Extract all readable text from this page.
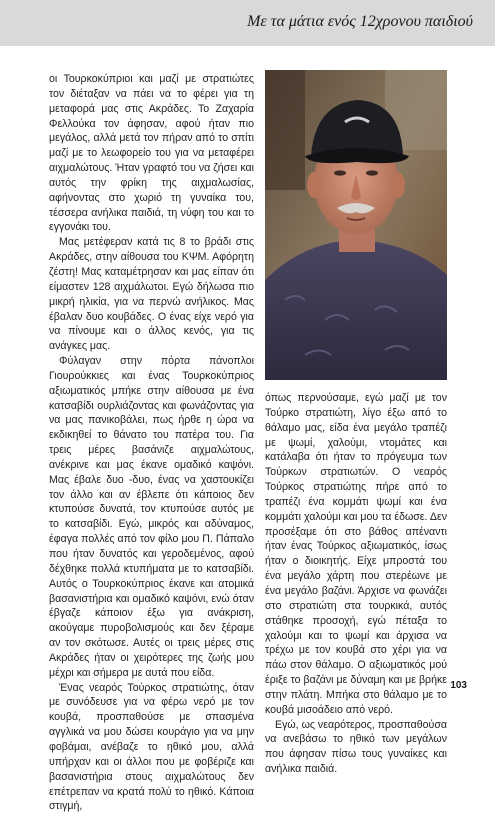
Με τα μάτια ενός 12χρονου παιδιού

οι Τουρκοκύπριοι και μαζί με στρατιώτες τον διέταξαν να πάει να το φέρει για τη μεταφορά μας στις Ακράδες. Το Ζαχαρία Φελλούκα τον άφησαν, αφού ήταν πιο μεγάλος, αλλά μετά τον πήραν από το σπίτι μαζί με το λεωφορείο του για να μεταφέρει αιχμαλώτους. Ήταν γραφτό του να ζήσει και αυτός την φρίκη της αιχμαλωσίας, αφήνοντας στο χωριό τη γυναίκα του, τέσσερα ανήλικα παιδιά, τη νύφη του και το εγγονάκι του.

Μας μετέφεραν κατά τις 8 το βράδι στις Ακράδες, στην αίθουσα του ΚΨΜ. Αφόρητη ζέστη! Μας καταμέτρησαν και μας είπαν ότι είμαστεν 128 αιχμάλωτοι. Εγώ δήλωσα πιο μικρή ηλικία, για να περνώ ανήλικος. Μας έβαλαν δυο κουβάδες. Ο ένας είχε νερό για να πίνουμε και ο άλλος κενός, για τις ανάγκες μας.

Φύλαγαν στην πόρτα πάνοπλοι Γιουρούκκιες και ένας Τουρκοκύπριος αξιωματικός μπήκε στην αίθουσα με ένα κατσαβίδι ουρλιάζοντας και φωνάζοντας για να μας πανικοβάλει, πως ήρθε η ώρα να εκδικηθεί το θάνατο του πατέρα του. Για τρεις μέρες βασάνιζε αιχμαλώτους, ανέκρινε και μας έκανε ομαδικό καψόνι. Μας έβαλε δυο -δυο, ένας να χαστουκίζει τον άλλο και αν έβλεπε ότι κάποιος δεν κτυπούσε δυνατά, τον κτυπούσε αυτός με το κατσαβίδι. Εγώ, μικρός και αδύναμος, έφαγα πολλές από τον φίλο μου Π. Πάπαλο που ήταν δυνατός και γεροδεμένος, αφού δέχθηκε πολλά κτυπήματα με το κατσαβίδι. Αυτός ο Τουρκοκύπριος έκανε και ατομικά βασανιστήρια και ομαδικό καψόνι, ενώ όταν έβγαζε κάποιον έξω για ανάκριση, ακούγαμε πυροβολισμούς και δεν ξέραμε αν τον σκότωσε. Αυτές οι τρεις μέρες στις Ακράδες ήταν οι χειρότερες της ζωής μου μέχρι και σήμερα με αυτά που είδα.

Ένας νεαρός Τούρκος στρατιώτης, όταν με συνόδευσε για να φέρω νερό με τον κουβά, προσπαθούσε με σπασμένα αγγλικά να μου δώσει κουράγιο για να μην φοβάμαι, ανέβαζε το ηθικό μου, αλλά υπήρχαν και οι άλλοι που με φοβέριζε και βασανιστήρια στους αιχμαλώτους δεν επέτρεπαν να κρατά πολύ το ηθικό. Κάποια στιγμή,

όπως περνούσαμε, εγώ μαζί με τον Τούρκο στρατιώτη, λίγο έξω από το θάλαμο μας, είδα ένα μεγάλο τραπέζι με ψωμί, χαλούμι, ντομάτες και κατάλαβα ότι ήταν το πρόγευμα των Τούρκων στρατιωτών. Ο νεαρός Τούρκος στρατιώτης πήρε από το τραπέζι ένα κομμάτι ψωμί και ένα κομμάτι χαλούμι και μου τα έδωσε. Δεν προσέξαμε ότι στο βάθος απέναντι ήταν ένας Τούρκος αξιωματικός, ίσως ήταν ο διοικητής. Είχε μπροστά του ένα μεγάλο χάρτη που στερέωνε με ένα μεγάλο βαζάνι. Άρχισε να φωνάζει στο στρατιώτη στα τουρκικά, αυτός στάθηκε προσοχή, εγώ πέταξα το χαλούμι και το ψωμί και άρχισα να τρέχω με τον κουβά στο χέρι για να πάω στον θάλαμο. Ο αξιωματικός μού έριξε το βαζάνι με δύναμη και με βρήκε στην πλάτη. Μπήκα στο θάλαμο με το κουβά μισοάδειο από νερό.

Εγώ, ως νεαρότερος, προσπαθούσα να ανεβάσω το ηθικό των μεγάλων που άφησαν πίσω τους γυναίκες και ανήλικα παιδιά.

103
